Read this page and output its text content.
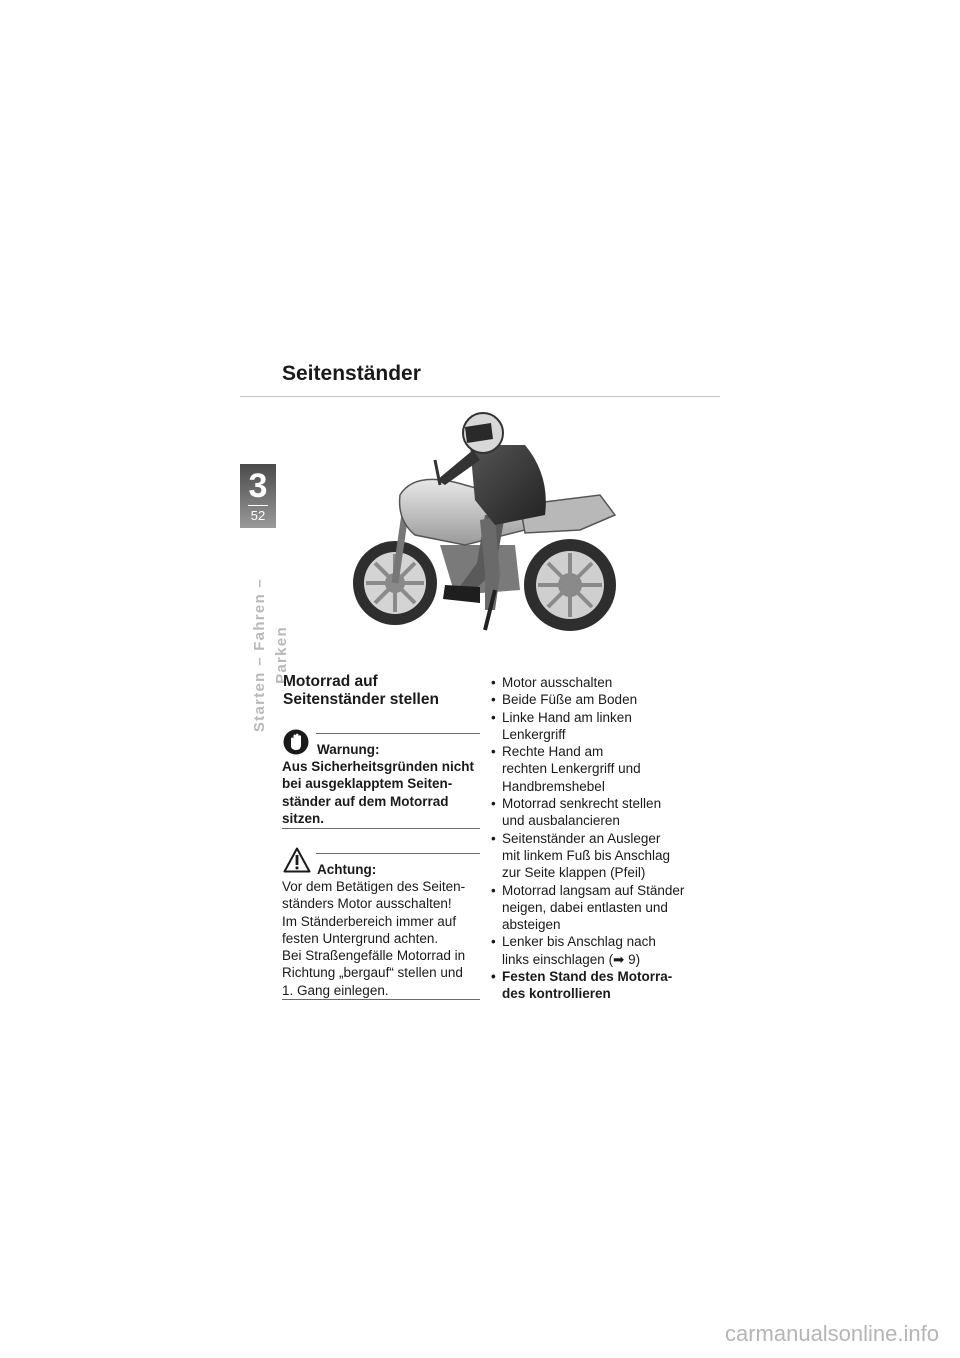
3
52
Starten – Fahren – Parken
Seitenständer
Motorrad auf
Seitenständer stellen
Warnung:
Aus Sicherheitsgründen nicht
bei ausgeklapptem Seiten-
ständer auf dem Motorrad
sitzen.
Achtung:
Vor dem Betätigen des Seiten-
ständers Motor ausschalten!
Im Ständerbereich immer auf
festen Untergrund achten.
Bei Straßengefälle Motorrad in
Richtung „bergauf“ stellen und
1. Gang einlegen.
• Motor ausschalten
• Beide Füße am Boden
• Linke Hand am linken
Lenkergriff
• Rechte Hand am
rechten Lenkergriff und
Handbremshebel
• Motorrad senkrecht stellen
und ausbalancieren
• Seitenständer an Ausleger
mit linkem Fuß bis Anschlag
zur Seite klappen (Pfeil)
• Motorrad langsam auf Ständer
neigen, dabei entlasten und
absteigen
• Lenker bis Anschlag nach
links einschlagen (➡ 9)
• Festen Stand des Motorra-
des kontrollieren
carmanualsonline.info
